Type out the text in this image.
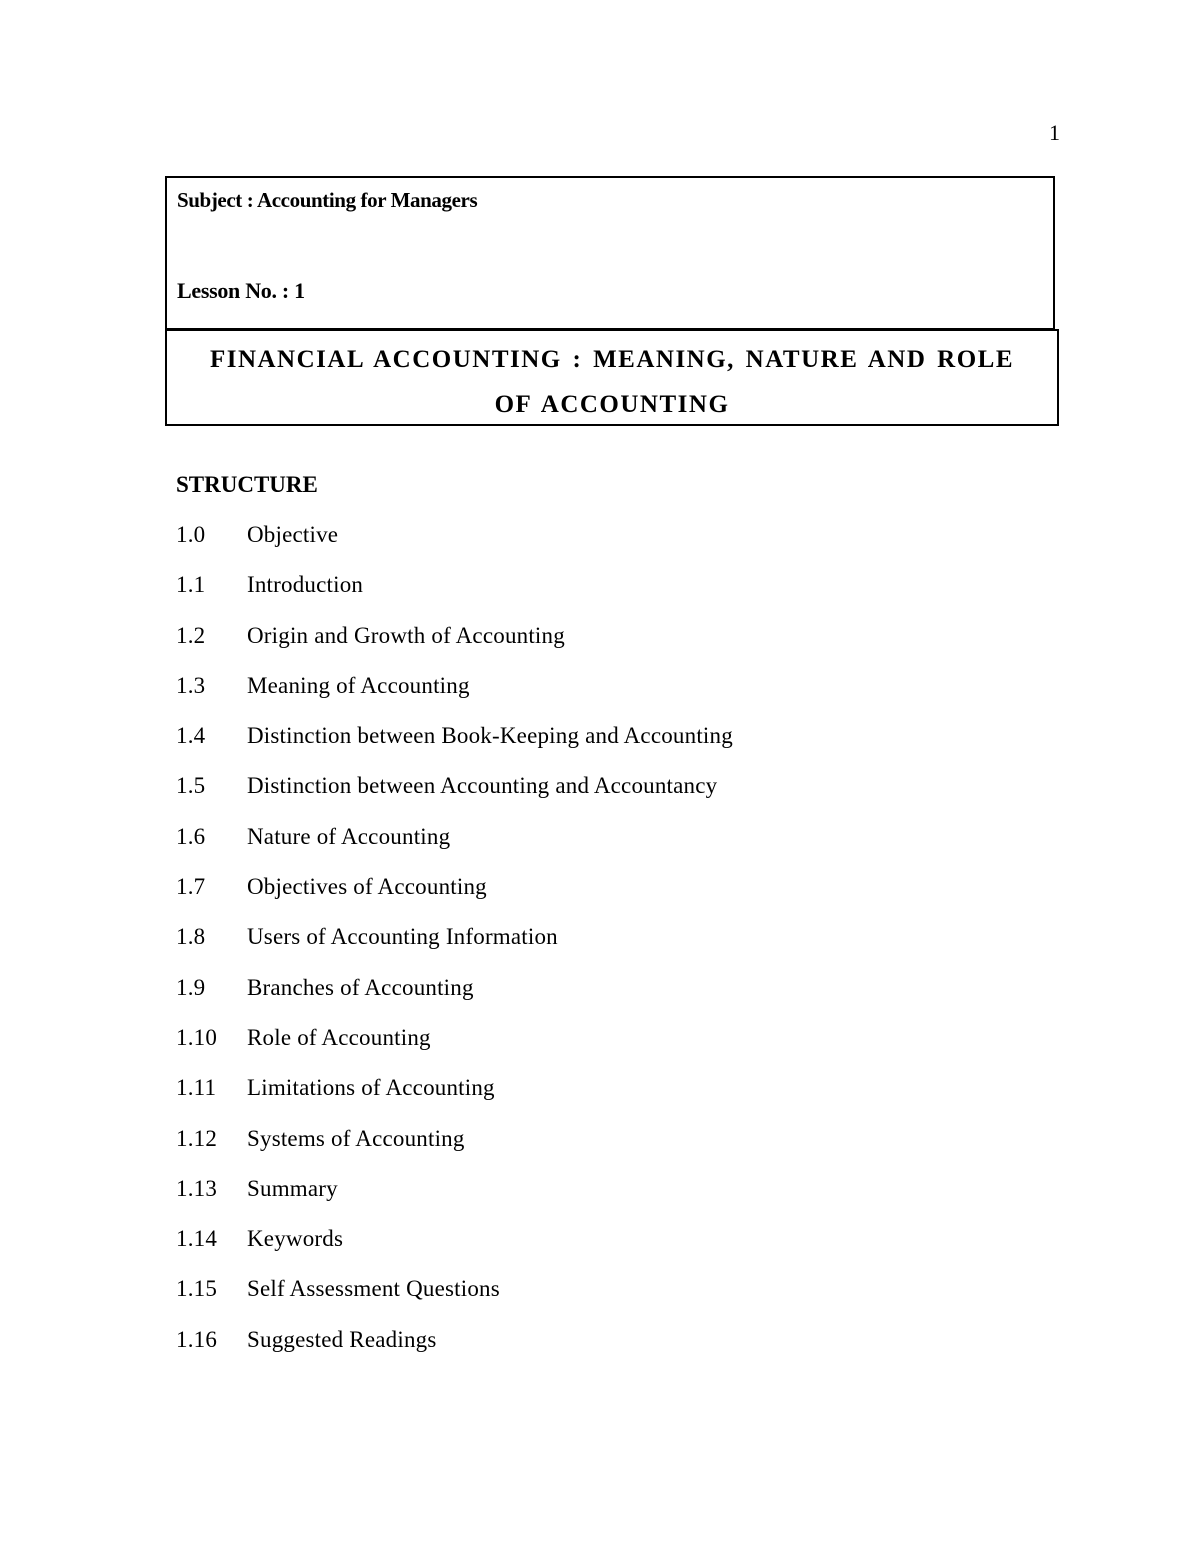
1
Subject : Accounting for Managers
Lesson No. : 1
FINANCIAL ACCOUNTING : MEANING, NATURE AND ROLE
OF ACCOUNTING
STRUCTURE
1.0	Objective
1.1	Introduction
1.2	Origin and Growth of Accounting
1.3	Meaning of Accounting
1.4	Distinction between Book-Keeping and Accounting
1.5	Distinction between Accounting and Accountancy
1.6	Nature of Accounting
1.7	Objectives of Accounting
1.8	Users of Accounting Information
1.9	Branches of Accounting
1.10	Role of Accounting
1.11	Limitations of Accounting
1.12	Systems of Accounting
1.13	Summary
1.14	Keywords
1.15	Self Assessment Questions
1.16	Suggested Readings
